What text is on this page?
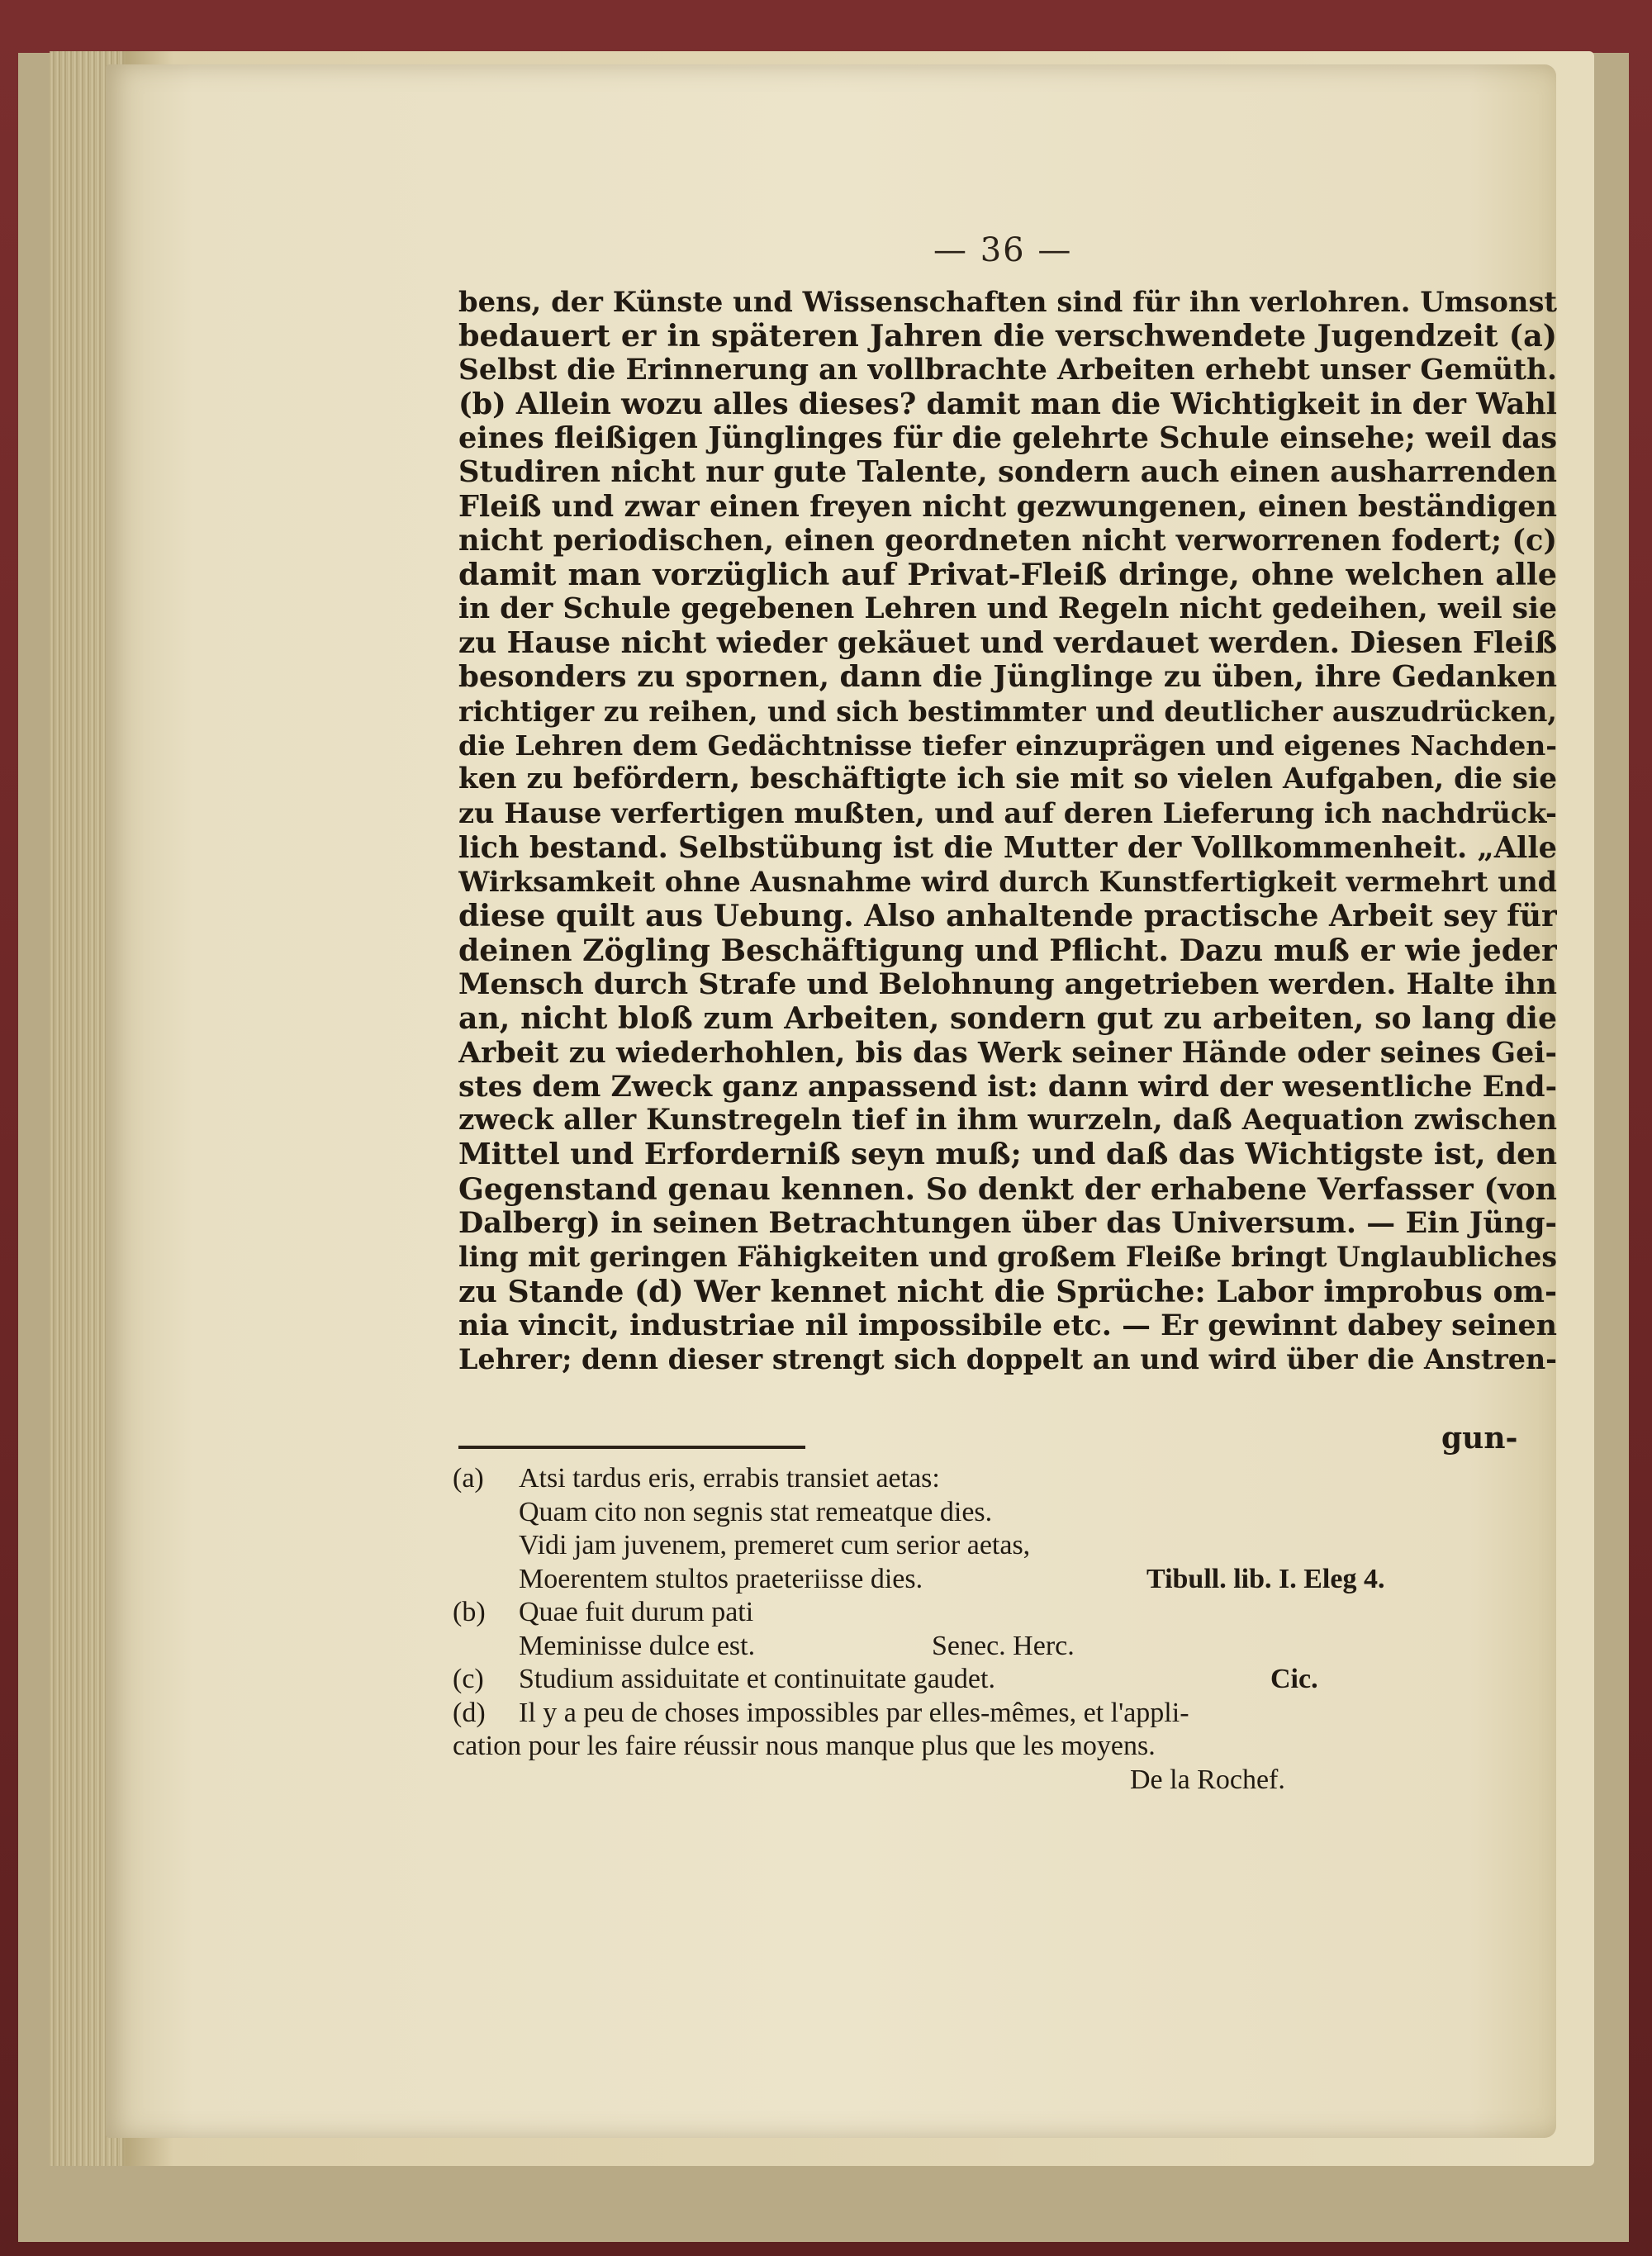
— 36 —
bens, der Künste und Wissenschaften sind für ihn verlohren. Umsonst
bedauert er in späteren Jahren die verschwendete Jugendzeit (a)
Selbst die Erinnerung an vollbrachte Arbeiten erhebt unser Gemüth.
(b) Allein wozu alles dieses? damit man die Wichtigkeit in der Wahl
eines fleißigen Jünglinges für die gelehrte Schule einsehe; weil das
Studiren nicht nur gute Talente, sondern auch einen ausharrenden
Fleiß und zwar einen freyen nicht gezwungenen, einen beständigen
nicht periodischen, einen geordneten nicht verworrenen fodert; (c)
damit man vorzüglich auf Privat-Fleiß dringe, ohne welchen alle
in der Schule gegebenen Lehren und Regeln nicht gedeihen, weil sie
zu Hause nicht wieder gekäuet und verdauet werden. Diesen Fleiß
besonders zu spornen, dann die Jünglinge zu üben, ihre Gedanken
richtiger zu reihen, und sich bestimmter und deutlicher auszudrücken,
die Lehren dem Gedächtnisse tiefer einzuprägen und eigenes Nachden-
ken zu befördern, beschäftigte ich sie mit so vielen Aufgaben, die sie
zu Hause verfertigen mußten, und auf deren Lieferung ich nachdrück-
lich bestand. Selbstübung ist die Mutter der Vollkommenheit. „Alle
Wirksamkeit ohne Ausnahme wird durch Kunstfertigkeit vermehrt und
diese quilt aus Uebung. Also anhaltende practische Arbeit sey für
deinen Zögling Beschäftigung und Pflicht. Dazu muß er wie jeder
Mensch durch Strafe und Belohnung angetrieben werden. Halte ihn
an, nicht bloß zum Arbeiten, sondern gut zu arbeiten, so lang die
Arbeit zu wiederhohlen, bis das Werk seiner Hände oder seines Gei-
stes dem Zweck ganz anpassend ist: dann wird der wesentliche End-
zweck aller Kunstregeln tief in ihm wurzeln, daß Aequation zwischen
Mittel und Erforderniß seyn muß; und daß das Wichtigste ist, den
Gegenstand genau kennen. So denkt der erhabene Verfasser (von
Dalberg) in seinen Betrachtungen über das Universum. — Ein Jüng-
ling mit geringen Fähigkeiten und großem Fleiße bringt Unglaubliches
zu Stande (d) Wer kennet nicht die Sprüche: Labor improbus om-
nia vincit, industriae nil impossibile etc. — Er gewinnt dabey seinen
Lehrer; denn dieser strengt sich doppelt an und wird über die Anstren-
gun-
(a) Atsi tardus eris, errabis transiet aetas:
Quam cito non segnis stat remeatque dies.
Vidi jam juvenem, premeret cum serior aetas,
Moerentem stultos praeteriisse dies.	Tibull. lib. I. Eleg 4.
(b) Quae fuit durum pati
Meminisse dulce est.	Senec. Herc.
(c) Studium assiduitate et continuitate gaudet.	Cic.
(d) Il y a peu de choses impossibles par elles-mêmes, et l'appli-
cation pour les faire réussir nous manque plus que les moyens.
De la Rochef.
